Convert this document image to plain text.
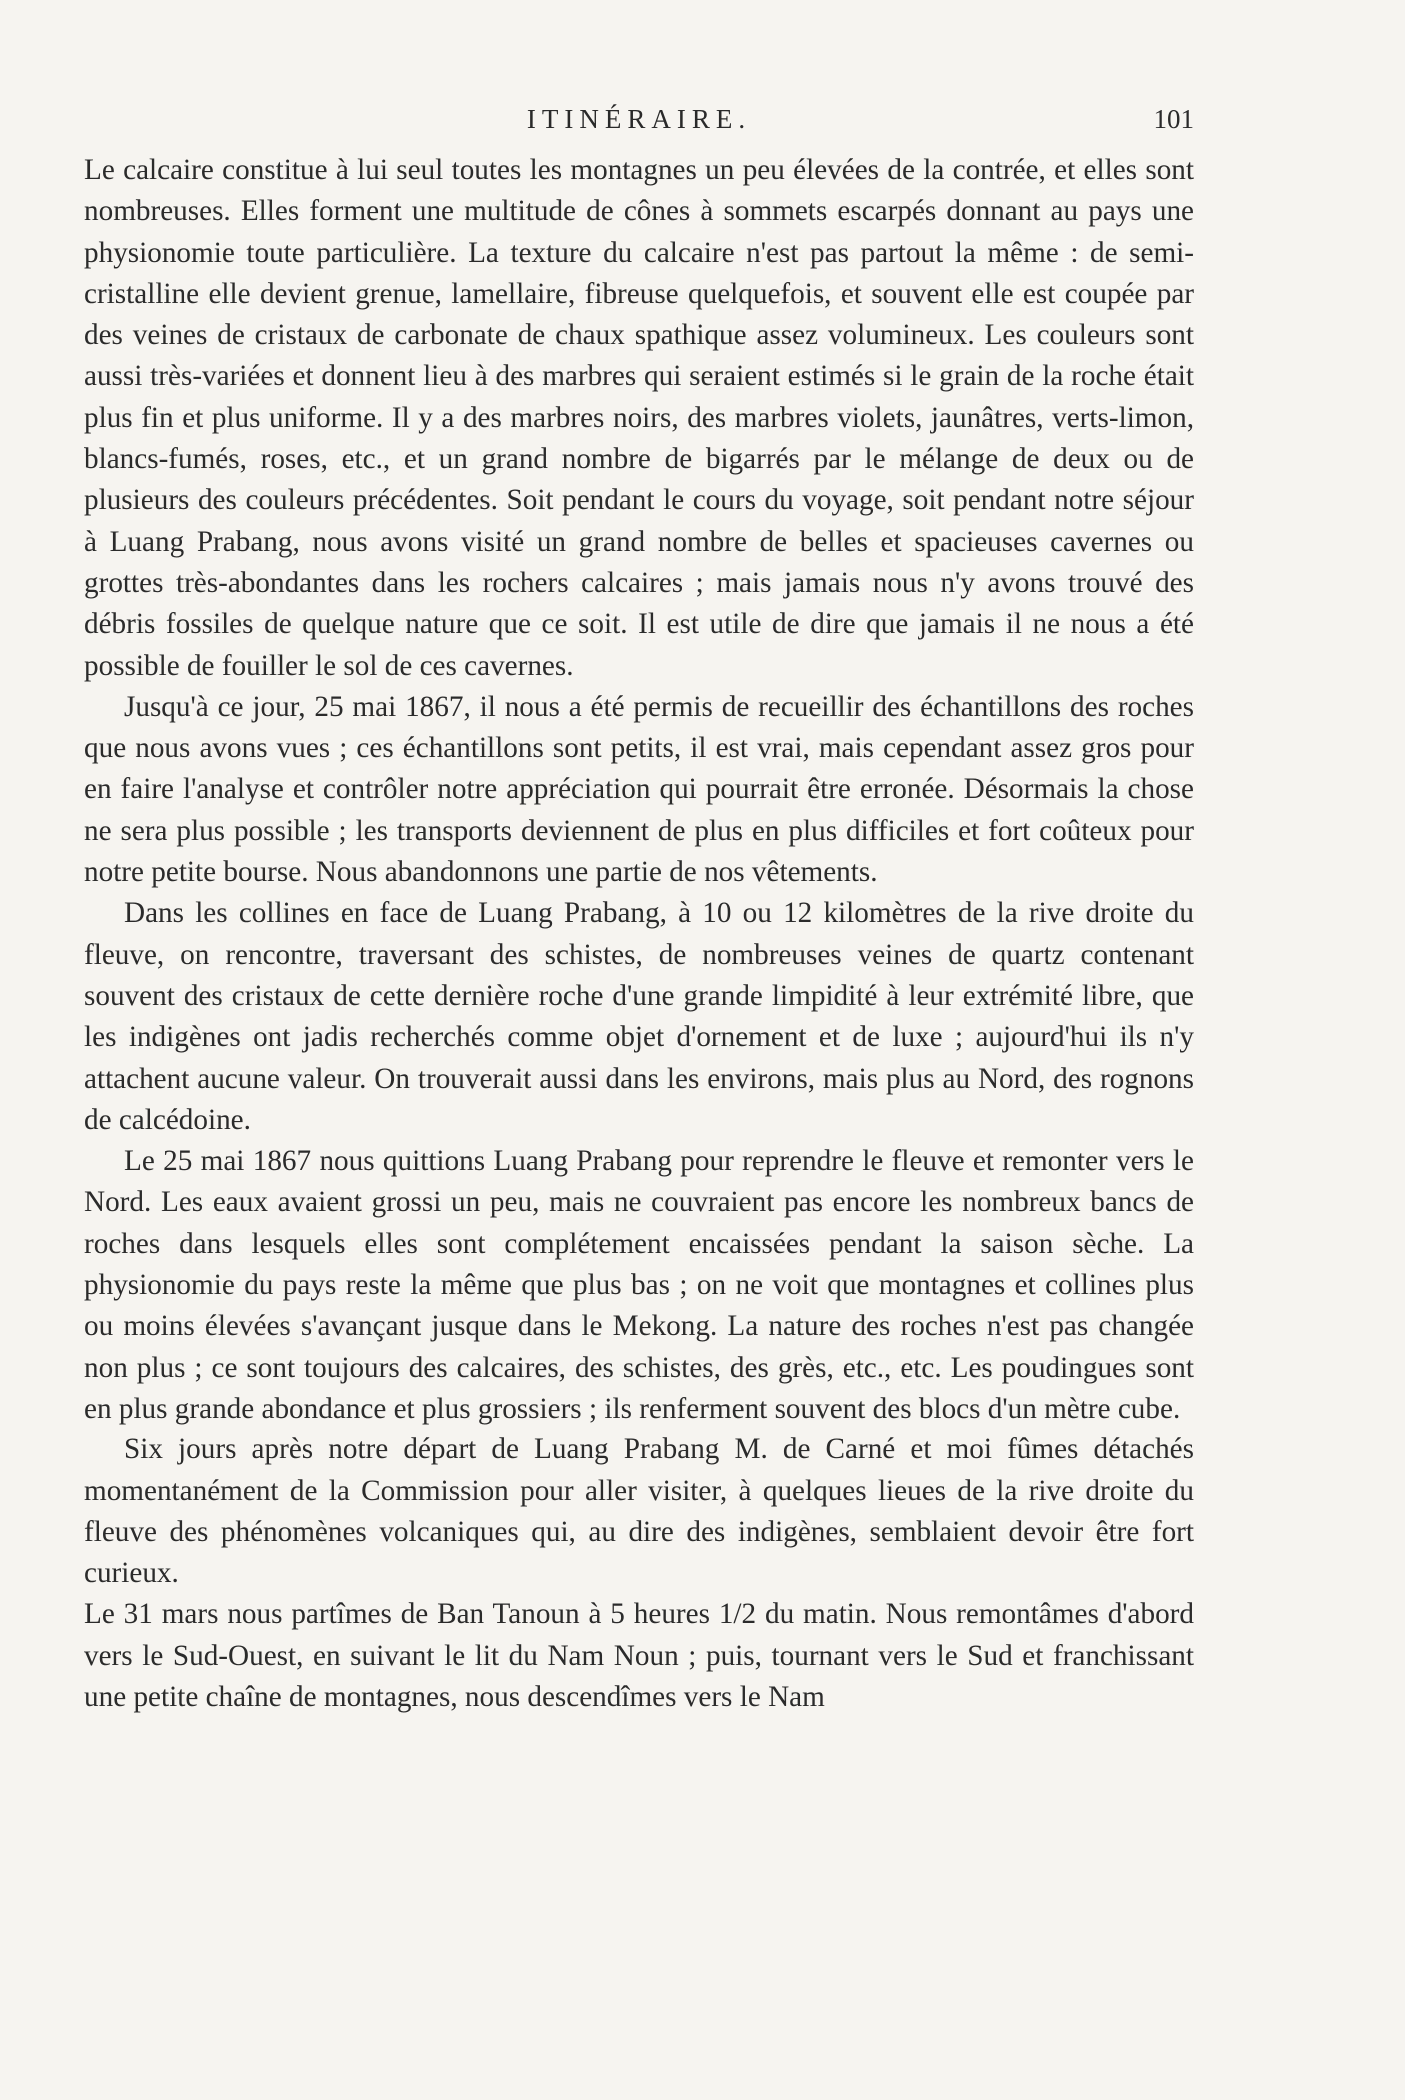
ITINÉRAIRE.	101

Le calcaire constitue à lui seul toutes les montagnes un peu élevées de la contrée, et elles sont nombreuses. Elles forment une multitude de cônes à sommets escarpés donnant au pays une physionomie toute particulière. La texture du calcaire n'est pas partout la même : de semi-cristalline elle devient grenue, lamellaire, fibreuse quelquefois, et souvent elle est coupée par des veines de cristaux de carbonate de chaux spathique assez volumineux. Les couleurs sont aussi très-variées et donnent lieu à des marbres qui seraient estimés si le grain de la roche était plus fin et plus uniforme. Il y a des marbres noirs, des marbres violets, jaunâtres, verts-limon, blancs-fumés, roses, etc., et un grand nombre de bigarrés par le mélange de deux ou de plusieurs des couleurs précédentes. Soit pendant le cours du voyage, soit pendant notre séjour à Luang Prabang, nous avons visité un grand nombre de belles et spacieuses cavernes ou grottes très-abondantes dans les rochers calcaires ; mais jamais nous n'y avons trouvé des débris fossiles de quelque nature que ce soit. Il est utile de dire que jamais il ne nous a été possible de fouiller le sol de ces cavernes.

Jusqu'à ce jour, 25 mai 1867, il nous a été permis de recueillir des échantillons des roches que nous avons vues ; ces échantillons sont petits, il est vrai, mais cependant assez gros pour en faire l'analyse et contrôler notre appréciation qui pourrait être erronée. Désormais la chose ne sera plus possible ; les transports deviennent de plus en plus difficiles et fort coûteux pour notre petite bourse. Nous abandonnons une partie de nos vêtements.

Dans les collines en face de Luang Prabang, à 10 ou 12 kilomètres de la rive droite du fleuve, on rencontre, traversant des schistes, de nombreuses veines de quartz contenant souvent des cristaux de cette dernière roche d'une grande limpidité à leur extrémité libre, que les indigènes ont jadis recherchés comme objet d'ornement et de luxe ; aujourd'hui ils n'y attachent aucune valeur. On trouverait aussi dans les environs, mais plus au Nord, des rognons de calcédoine.

Le 25 mai 1867 nous quittions Luang Prabang pour reprendre le fleuve et remonter vers le Nord. Les eaux avaient grossi un peu, mais ne couvraient pas encore les nombreux bancs de roches dans lesquels elles sont complétement encaissées pendant la saison sèche. La physionomie du pays reste la même que plus bas ; on ne voit que montagnes et collines plus ou moins élevées s'avançant jusque dans le Mekong. La nature des roches n'est pas changée non plus ; ce sont toujours des calcaires, des schistes, des grès, etc., etc. Les poudingues sont en plus grande abondance et plus grossiers ; ils renferment souvent des blocs d'un mètre cube.

Six jours après notre départ de Luang Prabang M. de Carné et moi fûmes détachés momentanément de la Commission pour aller visiter, à quelques lieues de la rive droite du fleuve des phénomènes volcaniques qui, au dire des indigènes, semblaient devoir être fort curieux.

Le 31 mars nous partîmes de Ban Tanoun à 5 heures 1/2 du matin. Nous remontâmes d'abord vers le Sud-Ouest, en suivant le lit du Nam Noun ; puis, tournant vers le Sud et franchissant une petite chaîne de montagnes, nous descendîmes vers le Nam
